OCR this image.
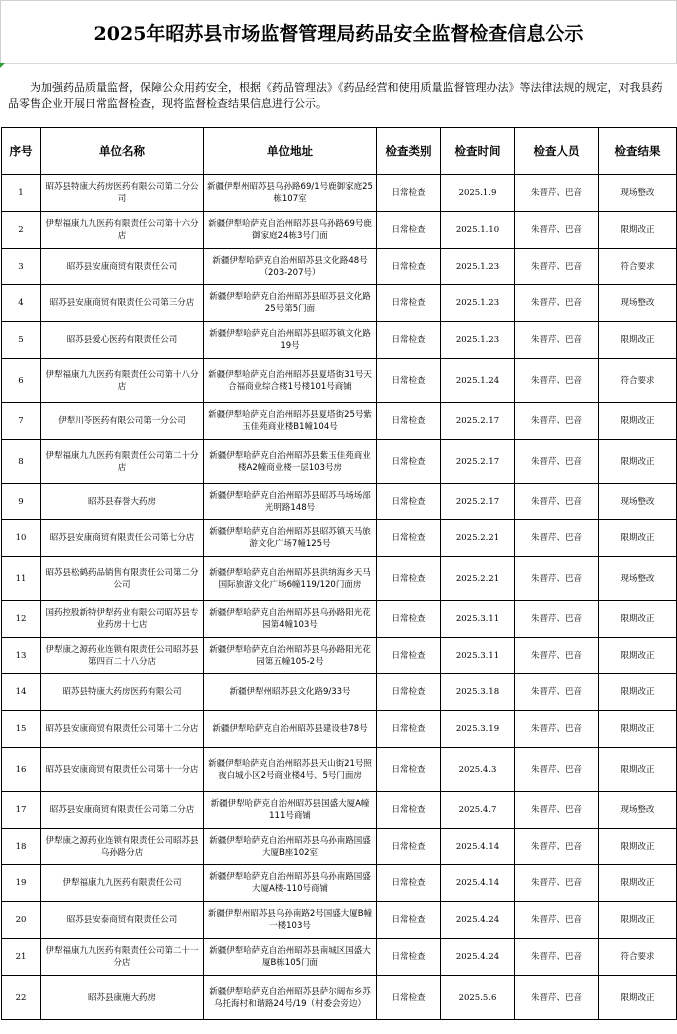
2025年昭苏县市场监督管理局药品安全监督检查信息公示
为加强药品质量监督，保障公众用药安全，根据《药品管理法》《药品经营和使用质量监督管理办法》等法律法规的规定，对我县药品零售企业开展日常监督检查，现将监督检查结果信息进行公示。
序号	单位名称	单位地址	检查类别	检查时间	检查人员	检查结果
1	昭苏县特康大药房医药有限公司第二分公司	新疆伊犁州昭苏县乌孙路69/1号鹿御家庭25栋107室	日常检查	2025.1.9	朱晋芹、巴音	现场整改
2	伊犁福康九九医药有限责任公司第十六分店	新疆伊犁哈萨克自治州昭苏县乌孙路69号鹿御家庭24栋3号门面	日常检查	2025.1.10	朱晋芹、巴音	限期改正
3	昭苏县安康商贸有限责任公司	新疆伊犁哈萨克自治州昭苏县文化路48号（203-207号）	日常检查	2025.1.23	朱晋芹、巴音	符合要求
4	昭苏县安康商贸有限责任公司第三分店	新疆伊犁哈萨克自治州昭苏县昭苏县文化路25号第5门面	日常检查	2025.1.23	朱晋芹、巴音	现场整改
5	昭苏县爱心医药有限责任公司	新疆伊犁哈萨克自治州昭苏县昭苏镇文化路19号	日常检查	2025.1.23	朱晋芹、巴音	限期改正
6	伊犁福康九九医药有限责任公司第十八分店	新疆伊犁哈萨克自治州昭苏县夏塔街31号天合福商业综合楼1号楼101号商铺	日常检查	2025.1.24	朱晋芹、巴音	符合要求
7	伊犁川苓医药有限公司第一分公司	新疆伊犁哈萨克自治州昭苏县夏塔街25号紫玉佳苑商业楼B1幢104号	日常检查	2025.2.17	朱晋芹、巴音	限期改正
8	伊犁福康九九医药有限责任公司第二十分店	新疆伊犁哈萨克自治州昭苏县紫玉佳苑商业楼A2幢商业楼一层103号房	日常检查	2025.2.17	朱晋芹、巴音	限期改正
9	昭苏县春誉大药房	新疆伊犁哈萨克自治州昭苏县昭苏马场场部光明路148号	日常检查	2025.2.17	朱晋芹、巴音	现场整改
10	昭苏县安康商贸有限责任公司第七分店	新疆伊犁哈萨克自治州昭苏县昭苏镇天马旅游文化广场7幢125号	日常检查	2025.2.21	朱晋芹、巴音	限期改正
11	昭苏县松鹤药品销售有限责任公司第二分公司	新疆伊犁哈萨克自治州昭苏县洪纳海乡天马国际旅游文化广场6幢119/120门面房	日常检查	2025.2.21	朱晋芹、巴音	现场整改
12	国药控股新特伊犁药业有限公司昭苏县专业药房十七店	新疆伊犁哈萨克自治州昭苏县乌孙路阳光花园第4幢103号	日常检查	2025.3.11	朱晋芹、巴音	限期改正
13	伊犁康之源药业连锁有限责任公司昭苏县第四百二十八分店	新疆伊犁哈萨克自治州昭苏县乌孙路阳光花园第五幢105-2号	日常检查	2025.3.11	朱晋芹、巴音	限期改正
14	昭苏县特康大药房医药有限公司	新疆伊犁州昭苏县文化路9/33号	日常检查	2025.3.18	朱晋芹、巴音	限期改正
15	昭苏县安康商贸有限责任公司第十二分店	新疆伊犁哈萨克自治州昭苏县建设巷78号	日常检查	2025.3.19	朱晋芹、巴音	限期改正
16	昭苏县安康商贸有限责任公司第十一分店	新疆伊犁哈萨克自治州昭苏县天山街21号照夜白城小区2号商业楼4号、5号门面房	日常检查	2025.4.3	朱晋芹、巴音	限期改正
17	昭苏县安康商贸有限责任公司第二分店	新疆伊犁哈萨克自治州昭苏县国盛大厦A幢111号商铺	日常检查	2025.4.7	朱晋芹、巴音	现场整改
18	伊犁康之源药业连锁有限责任公司昭苏县乌孙路分店	新疆伊犁哈萨克自治州昭苏县乌孙南路国盛大厦B座102室	日常检查	2025.4.14	朱晋芹、巴音	限期改正
19	伊犁福康九九医药有限责任公司	新疆伊犁哈萨克自治州昭苏县乌孙南路国盛大厦A楼-110号商铺	日常检查	2025.4.14	朱晋芹、巴音	限期改正
20	昭苏县安泰商贸有限责任公司	新疆伊犁州昭苏县乌孙南路2号国盛大厦B幢一楼103号	日常检查	2025.4.24	朱晋芹、巴音	限期改正
21	伊犁福康九九医药有限责任公司第二十一分店	新疆伊犁哈萨克自治州昭苏县南城区国盛大厦B栋105门面	日常检查	2025.4.24	朱晋芹、巴音	符合要求
22	昭苏县康施大药房	新疆伊犁哈萨克自治州昭苏县萨尔阔布乡苏乌托海村和谐路24号/19（村委会旁边）	日常检查	2025.5.6	朱晋芹、巴音	限期改正
